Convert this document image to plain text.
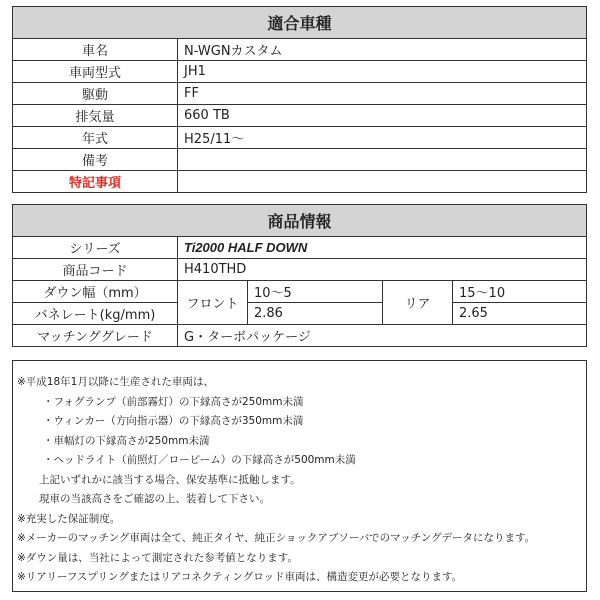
適合車種	
車名	N-WGNカスタム
車両型式	JH1
駆動	FF
排気量	660 TB
年式	H25/11〜
備考	
特記事項	
商品情報				
シリーズ	Ti2000 HALF DOWN			
商品コード	H410THD			
ダウン幅（mm）	フロント	10〜5	リア	15〜10
バネレート(kg/mm)		2.86		2.65
マッチンググレード	G・ターボパッケージ			
※平成18年1月以降に生産された車両は、
・フォグランプ（前部霧灯）の下縁高さが250mm未満
・ウィンカー（方向指示器）の下縁高さが350mm未満
・車幅灯の下縁高さが250mm未満
・ヘッドライト（前照灯／ロービーム）の下縁高さが500mm未満
上記いずれかに該当する場合、保安基準に抵触します。
現車の当該高さをご確認の上、装着して下さい。
※充実した保証制度。
※メーカーのマッチング車両は全て、純正タイヤ、純正ショックアブソーバでのマッチングデータになります。
※ダウン量は、当社によって測定された参考値となります。
※リアリーフスプリングまたはリアコネクティングロッド車両は、構造変更が必要となります。
